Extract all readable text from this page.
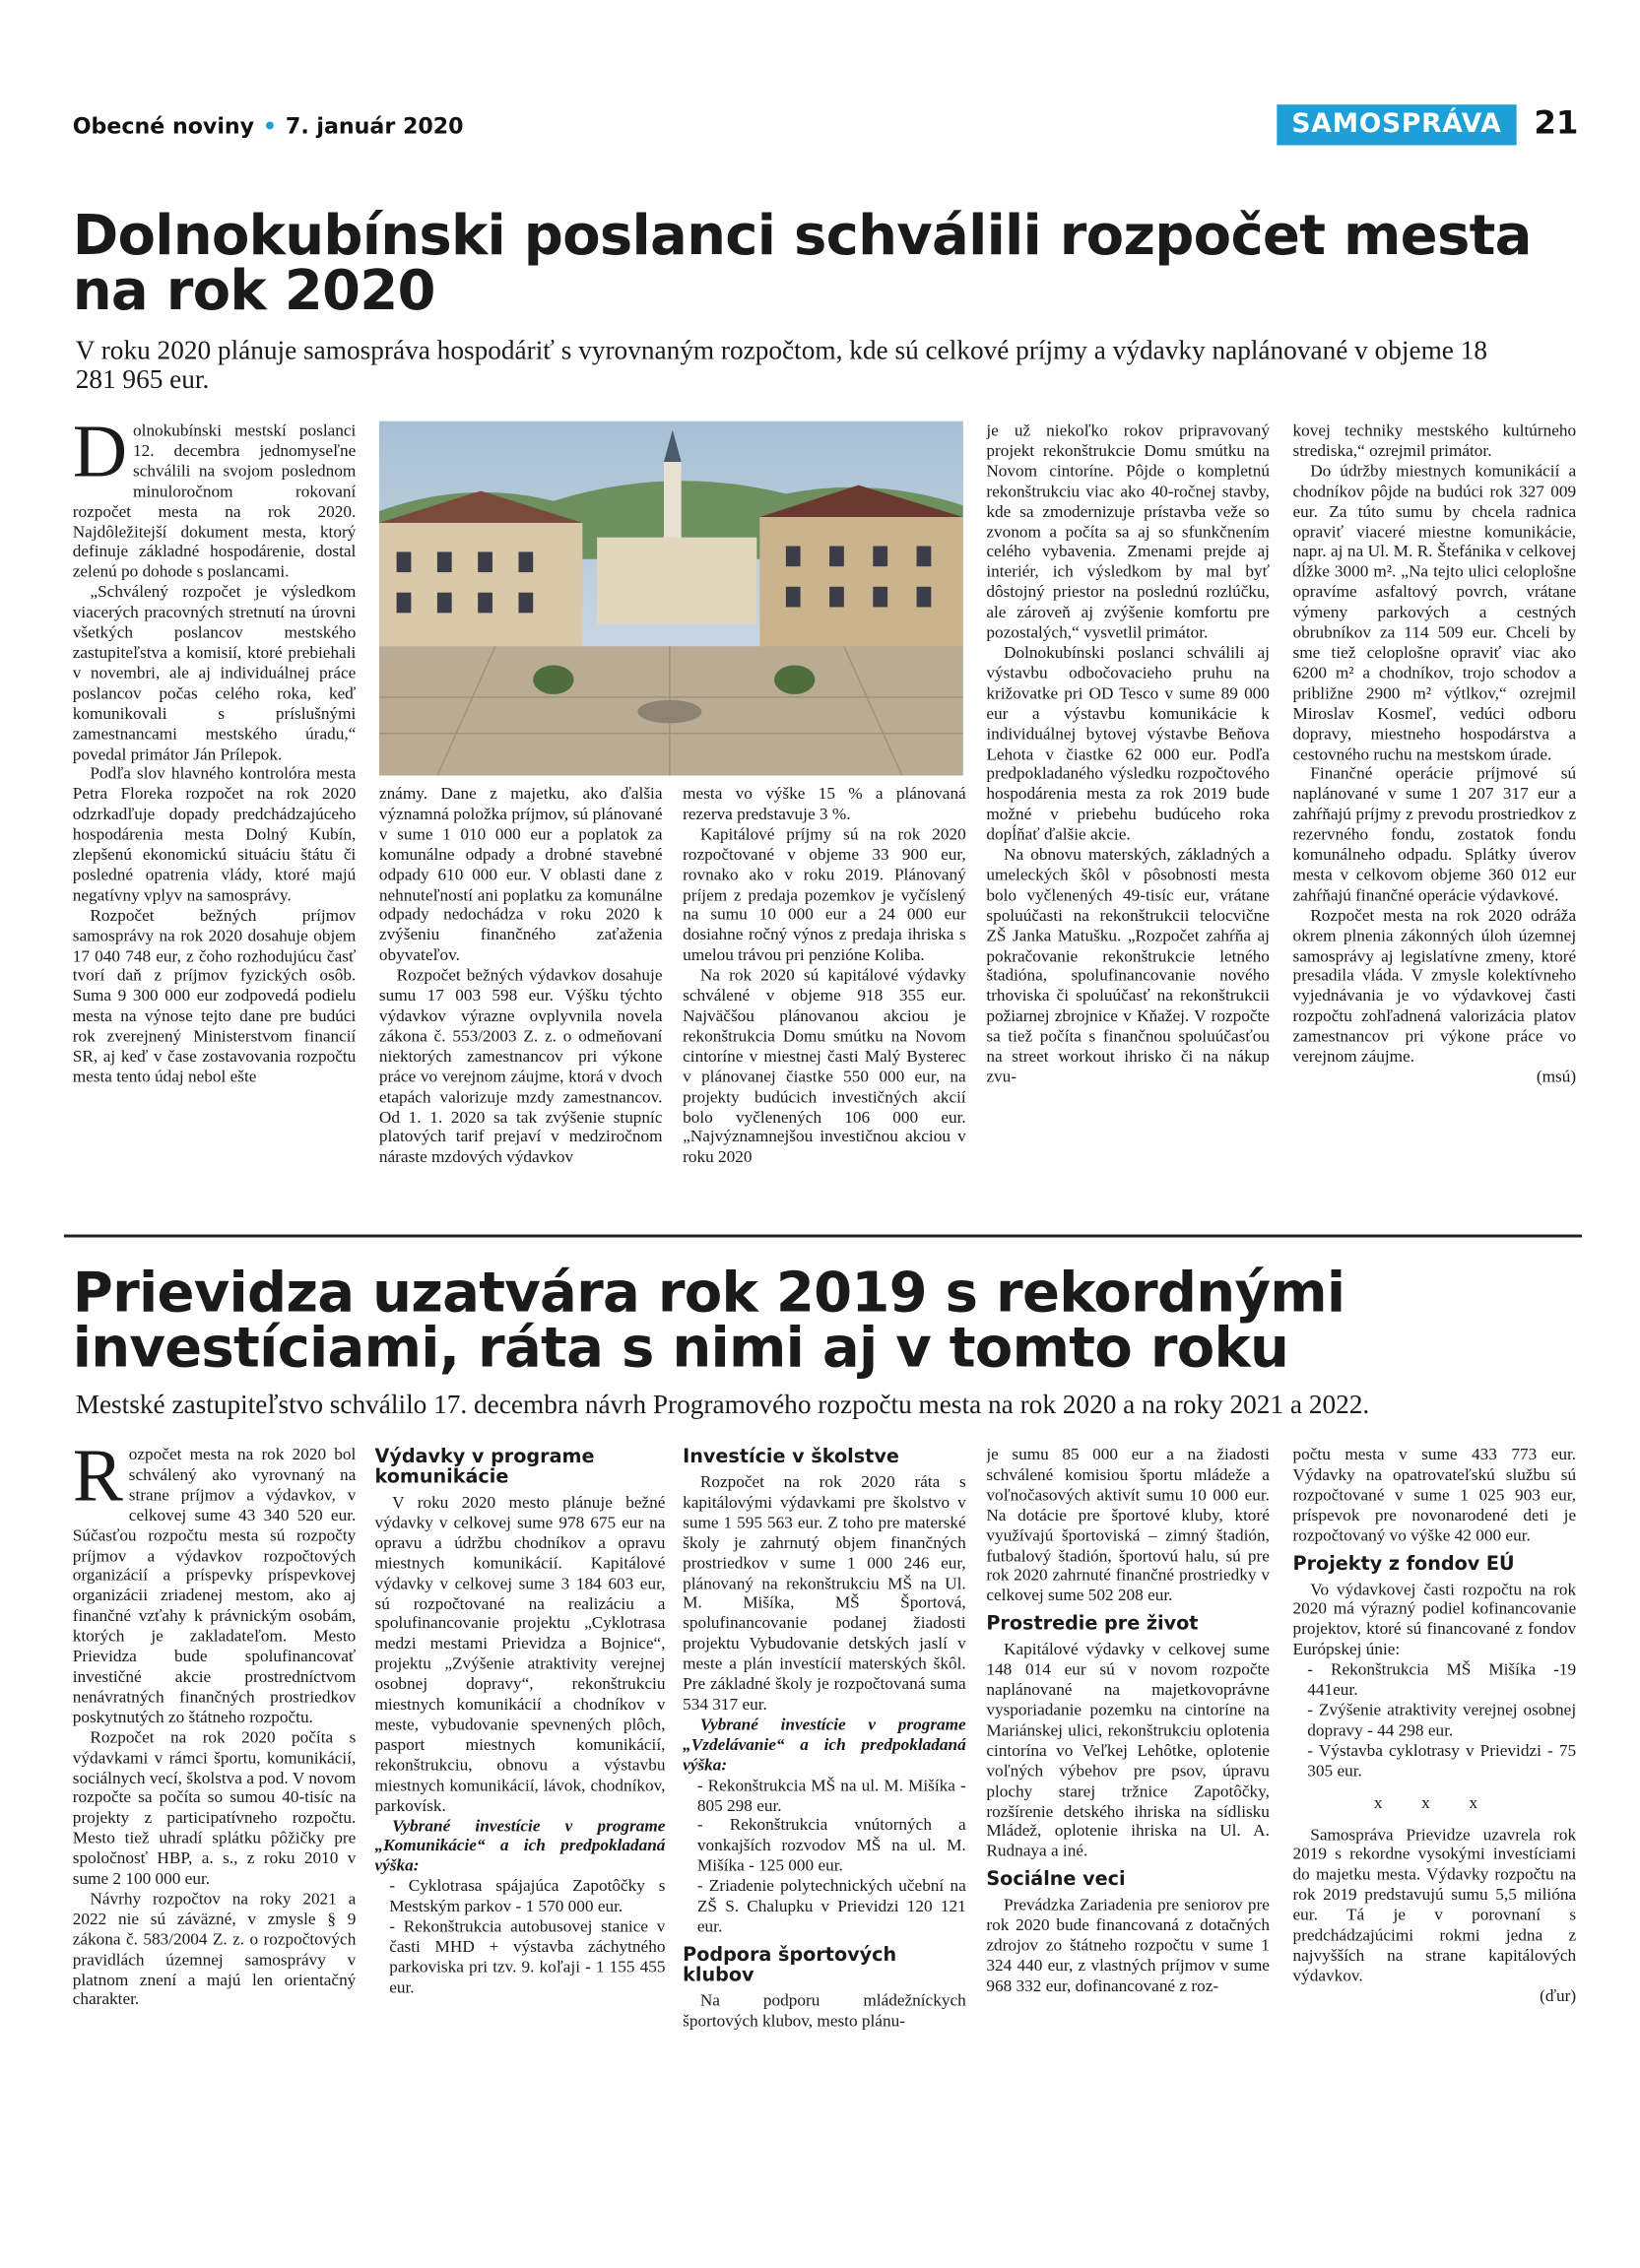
Obecné noviny • 7. január 2020	SAMOSPRÁVA	21
Dolnokubínski poslanci schválili rozpočet mesta na rok 2020

V roku 2020 plánuje samospráva hospodáriť s vyrovnaným rozpočtom, kde sú celkové príjmy a výdavky naplánované v objeme 18 281 965 eur.

Dolnokubínski mestskí poslanci 12. decembra jednomyseľne schválili na svojom poslednom minuloročnom rokovaní rozpočet mesta na rok 2020. Najdôležitejší dokument mesta, ktorý definuje základné hospodárenie, dostal zelenú po dohode s poslancami.

„Schválený rozpočet je výsledkom viacerých pracovných stretnutí na úrovni všetkých poslancov mestského zastupiteľstva a komisií, ktoré prebiehali v novembri, ale aj individuálnej práce poslancov počas celého roka, keď komunikovali s príslušnými zamestnancami mestského úradu,“ povedal primátor Ján Prílepok.

Podľa slov hlavného kontrolóra mesta Petra Floreka rozpočet na rok 2020 odzrkadľuje dopady predchádzajúceho hospodárenia mesta Dolný Kubín, zlepšenú ekonomickú situáciu štátu či posledné opatrenia vlády, ktoré majú negatívny vplyv na samosprávy.

Rozpočet bežných príjmov samosprávy na rok 2020 dosahuje objem 17 040 748 eur, z čoho rozhodujúcu časť tvorí daň z príjmov fyzických osôb. Suma 9 300 000 eur zodpovedá podielu mesta na výnose tejto dane pre budúci rok zverejnený Ministerstvom financií SR, aj keď v čase zostavovania rozpočtu mesta tento údaj nebol ešte

známy. Dane z majetku, ako ďalšia významná položka príjmov, sú plánované v sume 1 010 000 eur a poplatok za komunálne odpady a drobné stavebné odpady 610 000 eur. V oblasti dane z nehnuteľností ani poplatku za komunálne odpady nedochádza v roku 2020 k zvýšeniu finančného zaťaženia obyvateľov.

Rozpočet bežných výdavkov dosahuje sumu 17 003 598 eur. Výšku týchto výdavkov výrazne ovplyvnila novela zákona č. 553/2003 Z. z. o odmeňovaní niektorých zamestnancov pri výkone práce vo verejnom záujme, ktorá v dvoch etapách valorizuje mzdy zamestnancov. Od 1. 1. 2020 sa tak zvýšenie stupníc platových tarif prejaví v medziročnom náraste mzdových výdavkov

mesta vo výške 15 % a plánovaná rezerva predstavuje 3 %.

Kapitálové príjmy sú na rok 2020 rozpočtované v objeme 33 900 eur, rovnako ako v roku 2019. Plánovaný príjem z predaja pozemkov je vyčíslený na sumu 10 000 eur a 24 000 eur dosiahne ročný výnos z predaja ihriska s umelou trávou pri penzióne Koliba.

Na rok 2020 sú kapitálové výdavky schválené v objeme 918 355 eur. Najväčšou plánovanou akciou je rekonštrukcia Domu smútku na Novom cintoríne v miestnej časti Malý Bysterec v plánovanej čiastke 550 000 eur, na projekty budúcich investičných akcií bolo vyčlenených 106 000 eur. „Najvýznamnejšou investičnou akciou v roku 2020

je už niekoľko rokov pripravovaný projekt rekonštrukcie Domu smútku na Novom cintoríne. Pôjde o kompletnú rekonštrukciu viac ako 40-ročnej stavby, kde sa zmodernizuje prístavba veže so zvonom a počíta sa aj so sfunkčnením celého vybavenia. Zmenami prejde aj interiér, ich výsledkom by mal byť dôstojný priestor na poslednú rozlúčku, ale zároveň aj zvýšenie komfortu pre pozostalých,“ vysvetlil primátor.

Dolnokubínski poslanci schválili aj výstavbu odbočovacieho pruhu na križovatke pri OD Tesco v sume 89 000 eur a výstavbu komunikácie k individuálnej bytovej výstavbe Beňova Lehota v čiastke 62 000 eur. Podľa predpokladaného výsledku rozpočtového hospodárenia mesta za rok 2019 bude možné v priebehu budúceho roka dopĺňať ďalšie akcie.

Na obnovu materských, základných a umeleckých škôl v pôsobnosti mesta bolo vyčlenených 49-tisíc eur, vrátane spoluúčasti na rekonštrukcii telocvične ZŠ Janka Matušku. „Rozpočet zahŕňa aj pokračovanie rekonštrukcie letného štadióna, spolufinancovanie nového trhoviska či spoluúčasť na rekonštrukcii požiarnej zbrojnice v Kňažej. V rozpočte sa tiež počíta s finančnou spoluúčasťou na street workout ihrisko či na nákup zvu-

kovej techniky mestského kultúrneho strediska,“ ozrejmil primátor.

Do údržby miestnych komunikácií a chodníkov pôjde na budúci rok 327 009 eur. Za túto sumu by chcela radnica opraviť viaceré miestne komunikácie, napr. aj na Ul. M. R. Štefánika v celkovej dĺžke 3000 m². „Na tejto ulici celoplošne opravíme asfaltový povrch, vrátane výmeny parkových a cestných obrubníkov za 114 509 eur. Chceli by sme tiež celoplošne opraviť viac ako 6200 m² a chodníkov, trojo schodov a približne 2900 m² výtlkov,“ ozrejmil Miroslav Kosmeľ, vedúci odboru dopravy, miestneho hospodárstva a cestovného ruchu na mestskom úrade.

Finančné operácie príjmové sú naplánované v sume 1 207 317 eur a zahŕňajú príjmy z prevodu prostriedkov z rezervného fondu, zostatok fondu komunálneho odpadu. Splátky úverov mesta v celkovom objeme 360 012 eur zahŕňajú finančné operácie výdavkové.

Rozpočet mesta na rok 2020 odráža okrem plnenia zákonných úloh územnej samosprávy aj legislatívne zmeny, ktoré presadila vláda. V zmysle kolektívneho vyjednávania je vo výdavkovej časti rozpočtu zohľadnená valorizácia platov zamestnancov pri výkone práce vo verejnom záujme.

(msú)

Prievidza uzatvára rok 2019 s rekordnými investíciami, ráta s nimi aj v tomto roku

Mestské zastupiteľstvo schválilo 17. decembra návrh Programového rozpočtu mesta na rok 2020 a na roky 2021 a 2022.

Rozpočet mesta na rok 2020 bol schválený ako vyrovnaný na strane príjmov a výdavkov, v celkovej sume 43 340 520 eur. Súčasťou rozpočtu mesta sú rozpočty príjmov a výdavkov rozpočtových organizácií a príspevky príspevkovej organizácii zriadenej mestom, ako aj finančné vzťahy k právnickým osobám, ktorých je zakladateľom. Mesto Prievidza bude spolufinancovať investičné akcie prostredníctvom nenávratných finančných prostriedkov poskytnutých zo štátneho rozpočtu.

Rozpočet na rok 2020 počíta s výdavkami v rámci športu, komunikácií, sociálnych vecí, školstva a pod. V novom rozpočte sa počíta so sumou 40-tisíc na projekty z participatívneho rozpočtu. Mesto tiež uhradí splátku pôžičky pre spoločnosť HBP, a. s., z roku 2010 v sume 2 100 000 eur.

Návrhy rozpočtov na roky 2021 a 2022 nie sú záväzné, v zmysle § 9 zákona č. 583/2004 Z. z. o rozpočtových pravidlách územnej samosprávy v platnom znení a majú len orientačný charakter.

Výdavky v programe komunikácie

V roku 2020 mesto plánuje bežné výdavky v celkovej sume 978 675 eur na opravu a údržbu chodníkov a opravu miestnych komunikácií. Kapitálové výdavky v celkovej sume 3 184 603 eur, sú rozpočtované na realizáciu a spolufinancovanie projektu „Cyklotrasa medzi mestami Prievidza a Bojnice“, projektu „Zvýšenie atraktivity verejnej osobnej dopravy“, rekonštrukciu miestnych komunikácií a chodníkov v meste, vybudovanie spevnených plôch, pasport miestnych komunikácií, rekonštrukciu, obnovu a výstavbu miestnych komunikácií, lávok, chodníkov, parkovísk.

Vybrané investície v programe „Komunikácie“ a ich predpokladaná výška:

- Cyklotrasa spájajúca Zapotôčky s Mestským parkov - 1 570 000 eur.

- Rekonštrukcia autobusovej stanice v časti MHD + výstavba záchytného parkoviska pri tzv. 9. koľaji - 1 155 455 eur.

Investície v školstve

Rozpočet na rok 2020 ráta s kapitálovými výdavkami pre školstvo v sume 1 595 563 eur. Z toho pre materské školy je zahrnutý objem finančných prostriedkov v sume 1 000 246 eur, plánovaný na rekonštrukciu MŠ na Ul. M. Mišíka, MŠ Športová, spolufinancovanie podanej žiadosti projektu Vybudovanie detských jaslí v meste a plán investícií materských škôl. Pre základné školy je rozpočtovaná suma 534 317 eur.

Vybrané investície v programe „Vzdelávanie“ a ich predpokladaná výška:

- Rekonštrukcia MŠ na ul. M. Mišíka - 805 298 eur.

- Rekonštrukcia vnútorných a vonkajších rozvodov MŠ na ul. M. Mišíka - 125 000 eur.

- Zriadenie polytechnických učební na ZŠ S. Chalupku v Prievidzi 120 121 eur.

Podpora športových klubov

Na podporu mládežníckych športových klubov, mesto plánu-

je sumu 85 000 eur a na žiadosti schválené komisiou športu mládeže a voľnočasových aktivít sumu 10 000 eur. Na dotácie pre športové kluby, ktoré využívajú športoviská – zimný štadión, futbalový štadión, športovú halu, sú pre rok 2020 zahrnuté finančné prostriedky v celkovej sume 502 208 eur.

Prostredie pre život

Kapitálové výdavky v celkovej sume 148 014 eur sú v novom rozpočte naplánované na majetkovoprávne vysporiadanie pozemku na cintoríne na Mariánskej ulici, rekonštrukciu oplotenia cintorína vo Veľkej Lehôtke, oplotenie voľných výbehov pre psov, úpravu plochy starej tržnice Zapotôčky, rozšírenie detského ihriska na sídlisku Mládež, oplotenie ihriska na Ul. A. Rudnaya a iné.

Sociálne veci

Prevádzka Zariadenia pre seniorov pre rok 2020 bude financovaná z dotačných zdrojov zo štátneho rozpočtu v sume 1 324 440 eur, z vlastných príjmov v sume 968 332 eur, dofinancované z roz-

počtu mesta v sume 433 773 eur. Výdavky na opatrovateľskú službu sú rozpočtované v sume 1 025 903 eur, príspevok pre novonarodené deti je rozpočtovaný vo výške 42 000 eur.

Projekty z fondov EÚ

Vo výdavkovej časti rozpočtu na rok 2020 má výrazný podiel kofinancovanie projektov, ktoré sú financované z fondov Európskej únie:

- Rekonštrukcia MŠ Mišíka -19 441eur.

- Zvýšenie atraktivity verejnej osobnej dopravy - 44 298 eur.

- Výstavba cyklotrasy v Prievidzi - 75 305 eur.

x x x

Samospráva Prievidze uzavrela rok 2019 s rekordne vysokými investíciami do majetku mesta. Výdavky rozpočtu na rok 2019 predstavujú sumu 5,5 milióna eur. Tá je v porovnaní s predchádzajúcimi rokmi jedna z najvyšších na strane kapitálových výdavkov.

(ďur)
